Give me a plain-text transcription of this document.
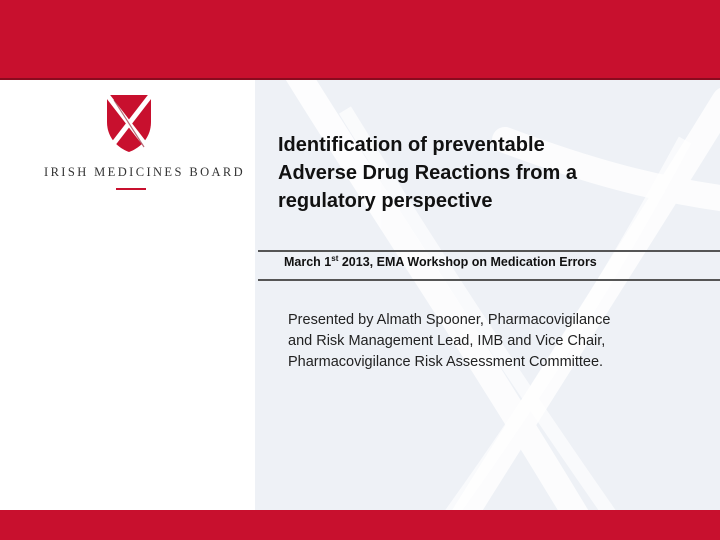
IRISH MEDICINES BOARD
Identification of preventable
Adverse Drug Reactions from a
regulatory perspective
March 1st 2013, EMA Workshop on Medication Errors

Presented by Almath Spooner, Pharmacovigilance
and Risk Management Lead, IMB and Vice Chair,
Pharmacovigilance Risk Assessment Committee.
